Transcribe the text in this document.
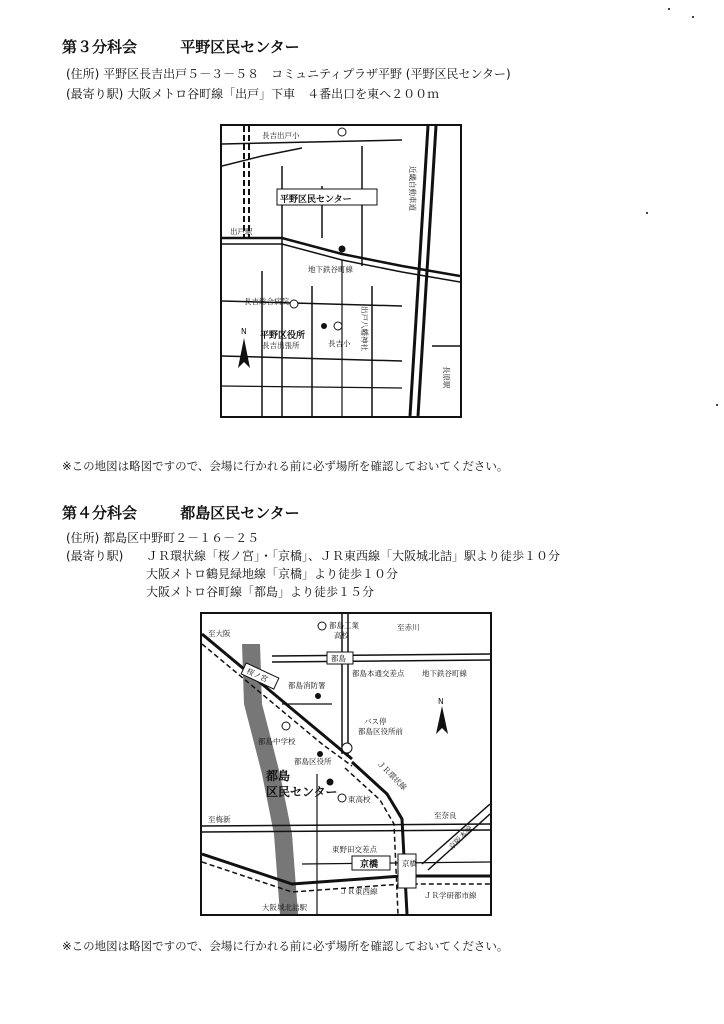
第３分科会	平野区民センター
(住所) 平野区長吉出戸５－３－５８　コミュニティプラザ平野 (平野区民センター)
(最寄り駅) 大阪メトロ谷町線「出戸」下車　４番出口を東へ２００ｍ
平野区民センター
長吉出戸小
近畿自動車道
出戸駅
地下鉄谷町線
長吉総合病院
平野区役所
長吉出張所	長吉小 出戸八幡神社
長原駅
N
※この地図は略図ですので、会場に行かれる前に必ず場所を確認しておいてください。
第４分科会	都島区民センター
(住所) 都島区中野町２－１６－２５
(最寄り駅) ＪＲ環状線「桜ノ宮」・「京橋」、ＪＲ東西線「大阪城北詰」駅より徒歩１０分
大阪メトロ鶴見緑地線「京橋」より徒歩１０分
大阪メトロ谷町線「都島」より徒歩１５分
至大阪
都島工業
高校
至赤川
都島
都島本通交差点 地下鉄谷町線
桜ノ宮
都島消防署
バス停
都島区役所前
都島中学校
都島区役所
都島
区民センター
ＪＲ環状線
東高校
至梅新	至奈良
京阪本線
東野田交差点
京橋	京橋
ＪＲ東西線	ＪＲ学研都市線
大阪城北詰駅
N
※この地図は略図ですので、会場に行かれる前に必ず場所を確認しておいてください。
